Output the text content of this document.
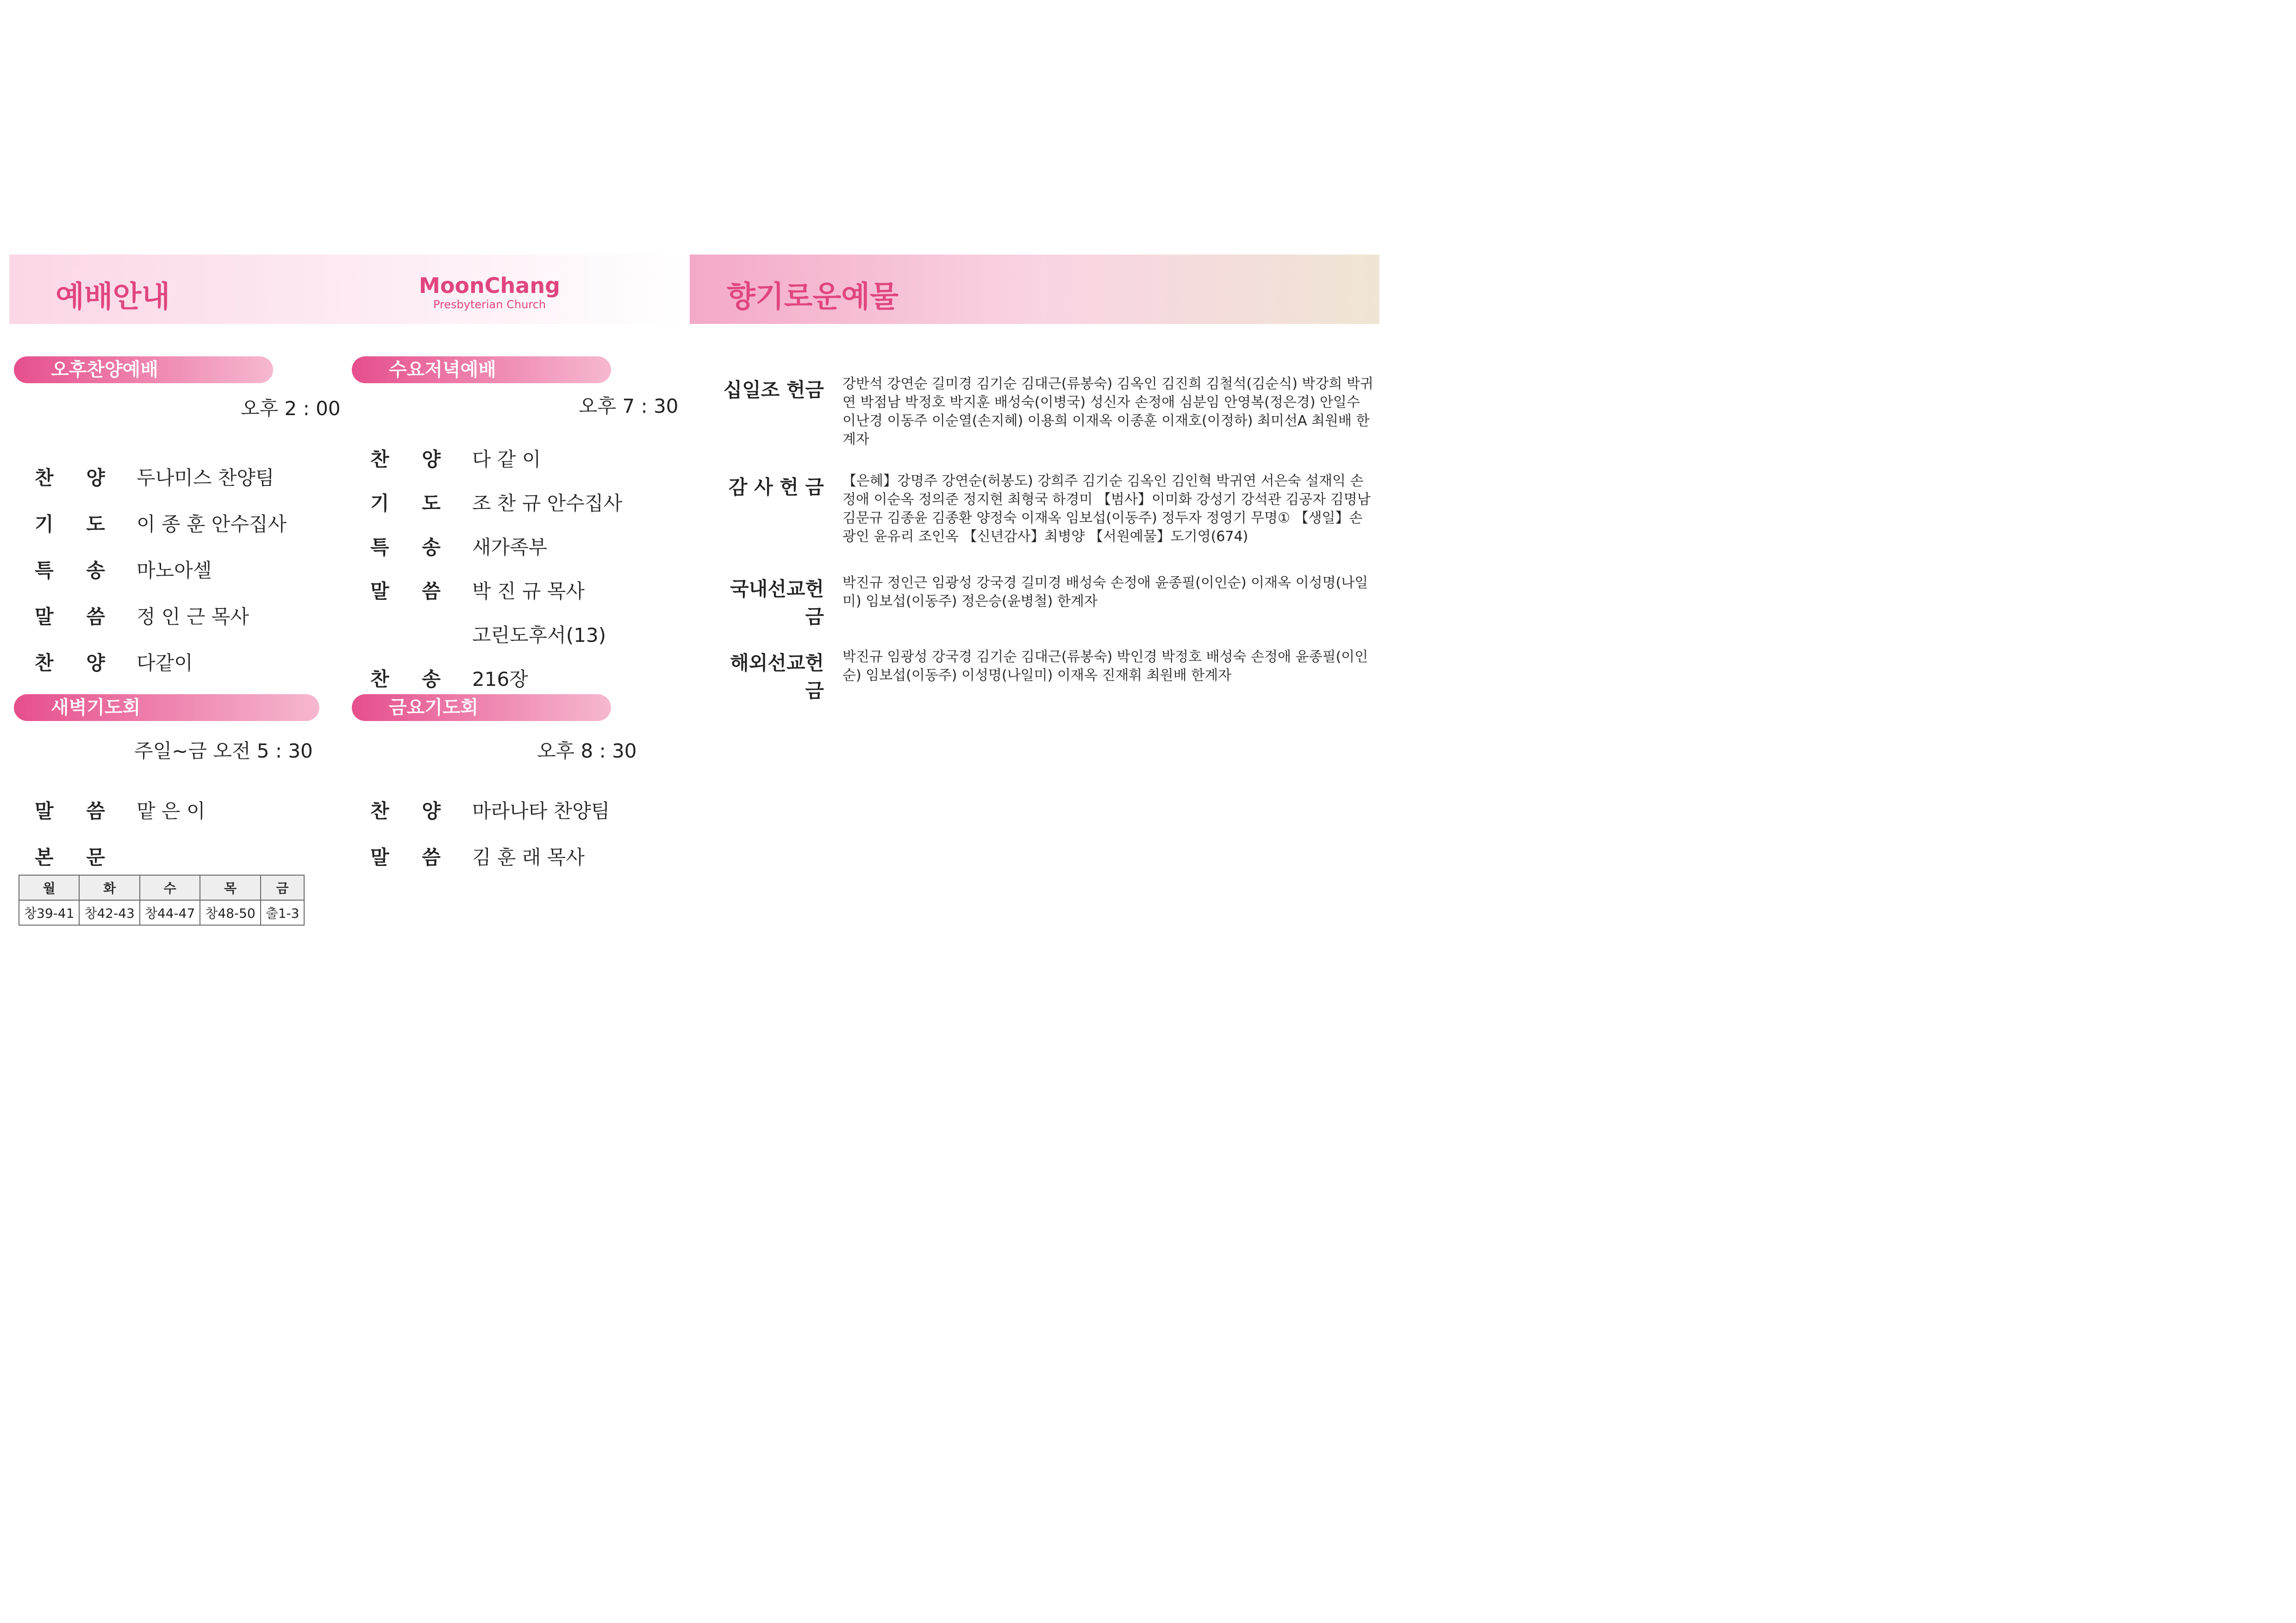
예배안내	MoonChang
Presbyterian Church
오후찬양예배
오후 2 : 00
찬 양 두나미스 찬양팀
기 도 이 종 훈 안수집사
특 송 마노아셀
말 씀 정 인 근 목사
찬 양 다같이
수요저녁예배
오후 7 : 30
찬 양 다 같 이
기 도 조 찬 규 안수집사
특 송 새가족부
말 씀 박 진 규 목사
고린도후서(13)
찬 송 216장
새벽기도회
주일~금 오전 5 : 30
말 씀 맡 은 이
본 문
월	화	수	목	금
창39-41	창42-43	창44-47	창48-50	출1-3
금요기도회
오후 8 : 30
찬 양 마라나타 찬양팀
말 씀 김 훈 래 목사
향기로운예물
십일조 헌금 강반석 강연순 길미경 김기순 김대근(류봉숙) 김옥인 김진희 김철석(김순식) 박강희 박귀연 박점남 박정호 박지훈 배성숙(이병국) 성신자 손정애 심분임 안영복(정은경) 안일수 이난경 이동주 이순열(손지혜) 이용희 이재옥 이종훈 이재호(이정하) 최미선A 최원배 한계자
감 사 헌 금 【은혜】강명주 강연순(허봉도) 강희주 김기순 김옥인 김인혁 박귀연 서은숙 설재익 손정애 이순옥 정의준 정지현 최형국 하경미 【범사】이미화 강성기 강석관 김공자 김명남 김문규 김종윤 김종환 양정숙 이재옥 임보섭(이동주) 정두자 정영기 무명① 【생일】손광인 윤유리 조인옥 【신년감사】최병양 【서원예물】도기영(674)
국내선교헌금
박진규 정인근 임광성 강국경 길미경 배성숙 손정애 윤종필(이인순) 이재옥 이성명(나일미) 임보섭(이동주) 정은승(윤병철) 한계자
해외선교헌금
박진규 임광성 강국경 김기순 김대근(류봉숙) 박인경 박정호 배성숙 손정애 윤종필(이인순) 임보섭(이동주) 이성명(나일미) 이재옥 진재휘 최원배 한계자
